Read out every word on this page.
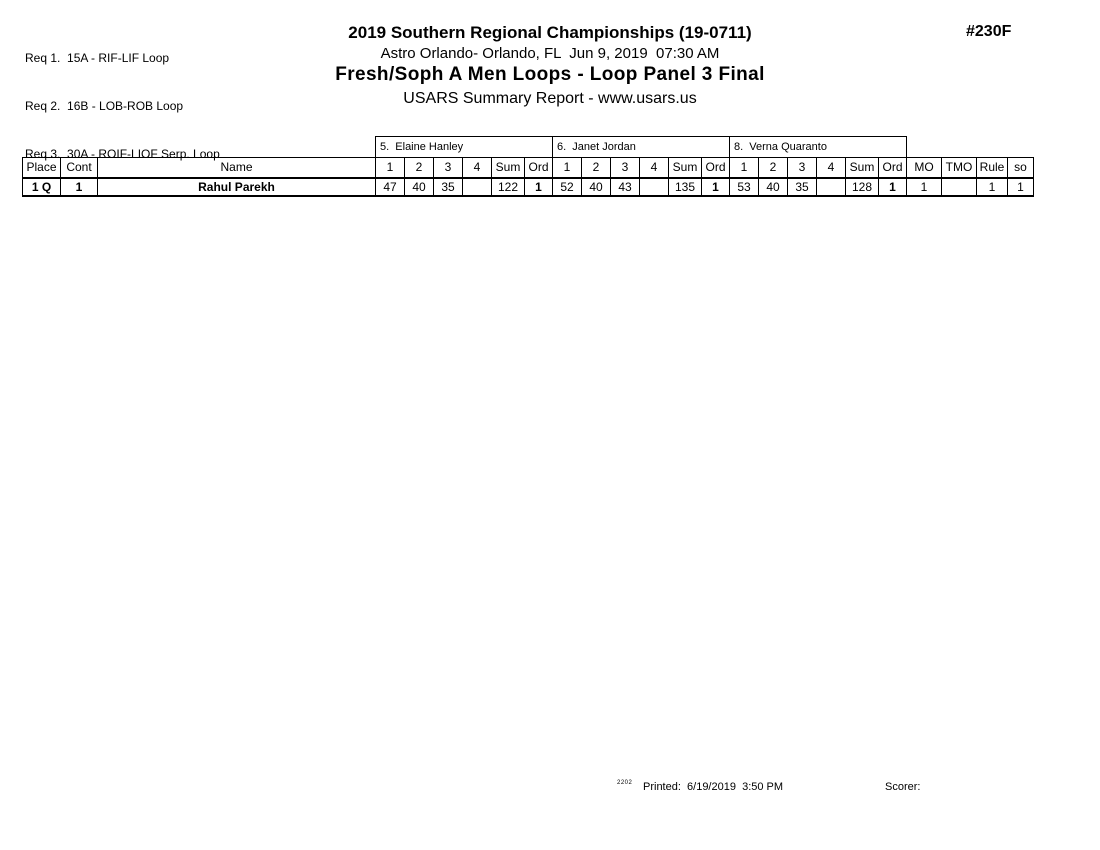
Req 1.  15A - RIF-LIF Loop

Req 2.  16B - LOB-ROB Loop

Req 3.  30A - ROIF-LIOF Serp. Loop

2019 Southern Regional Championships (19-0711)
Astro Orlando- Orlando, FL  Jun 9, 2019  07:30 AM
Fresh/Soph A Men Loops - Loop Panel 3 Final
USARS Summary Report - www.usars.us
#230F
			5.  Elaine Hanley						6.  Janet Jordan						8.  Verna Quaranto									
Place	Cont	Name	1	2	3	4	Sum	Ord	1	2	3	4	Sum	Ord	1	2	3	4	Sum	Ord	MO	TMO	Rule	so
1 Q	1	Rahul Parekh	47	40	35		122	1	52	40	43		135	1	53	40	35		128	1	1		1	1
2202 Printed:  6/19/2019  3:50 PM	Scorer:
